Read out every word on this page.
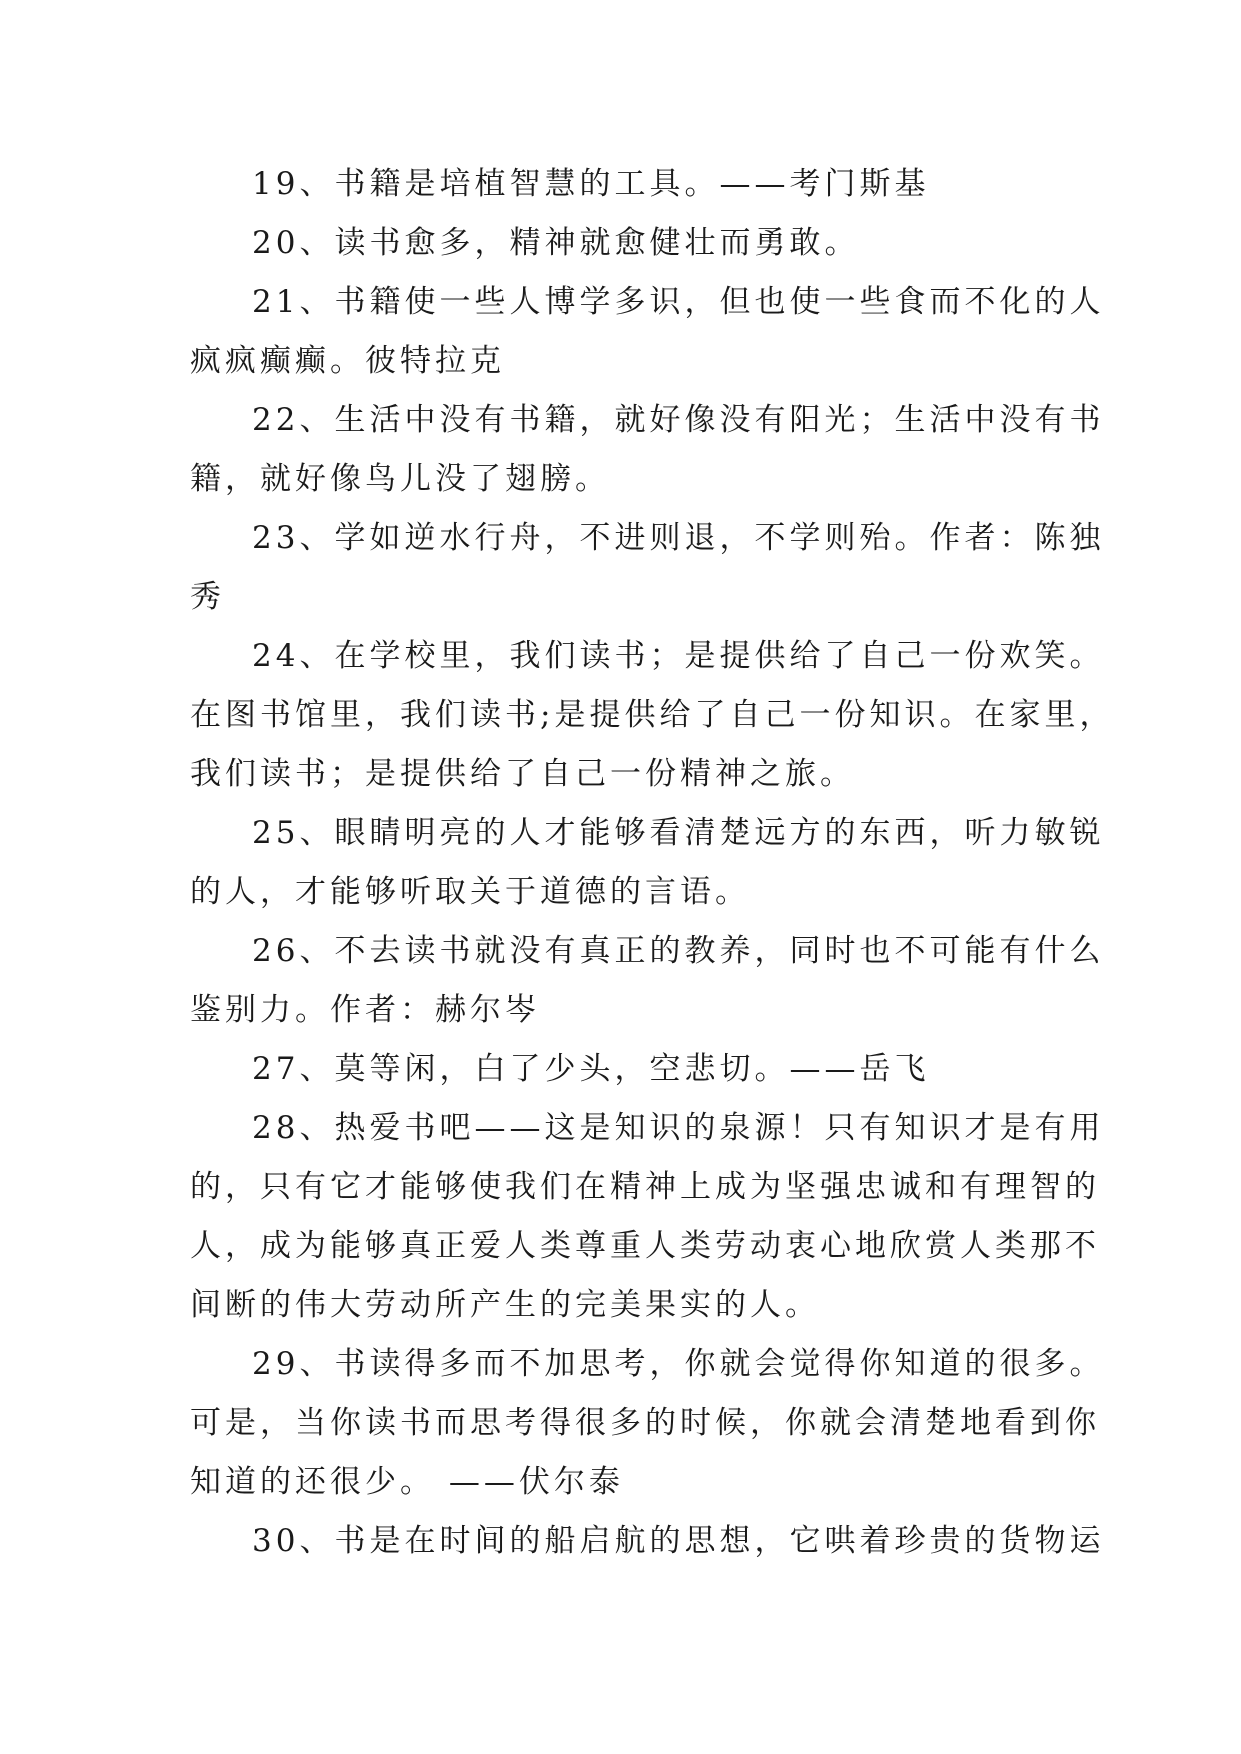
19、书籍是培植智慧的工具。——考门斯基
20、读书愈多，精神就愈健壮而勇敢。
21、书籍使一些人博学多识，但也使一些食而不化的人
疯疯癫癫。彼特拉克
22、生活中没有书籍，就好像没有阳光；生活中没有书
籍，就好像鸟儿没了翅膀。
23、学如逆水行舟，不进则退，不学则殆。作者：陈独
秀
24、在学校里，我们读书；是提供给了自己一份欢笑。
在图书馆里，我们读书;是提供给了自己一份知识。在家里，
我们读书；是提供给了自己一份精神之旅。
25、眼睛明亮的人才能够看清楚远方的东西，听力敏锐
的人，才能够听取关于道德的言语。
26、不去读书就没有真正的教养，同时也不可能有什么
鉴别力。作者：赫尔岑
27、莫等闲，白了少头，空悲切。——岳飞
28、热爱书吧——这是知识的泉源！只有知识才是有用
的，只有它才能够使我们在精神上成为坚强忠诚和有理智的
人，成为能够真正爱人类尊重人类劳动衷心地欣赏人类那不
间断的伟大劳动所产生的完美果实的人。
29、书读得多而不加思考，你就会觉得你知道的很多。
可是，当你读书而思考得很多的时候，你就会清楚地看到你
知道的还很少。 ——伏尔泰
30、书是在时间的船启航的思想，它哄着珍贵的货物运
